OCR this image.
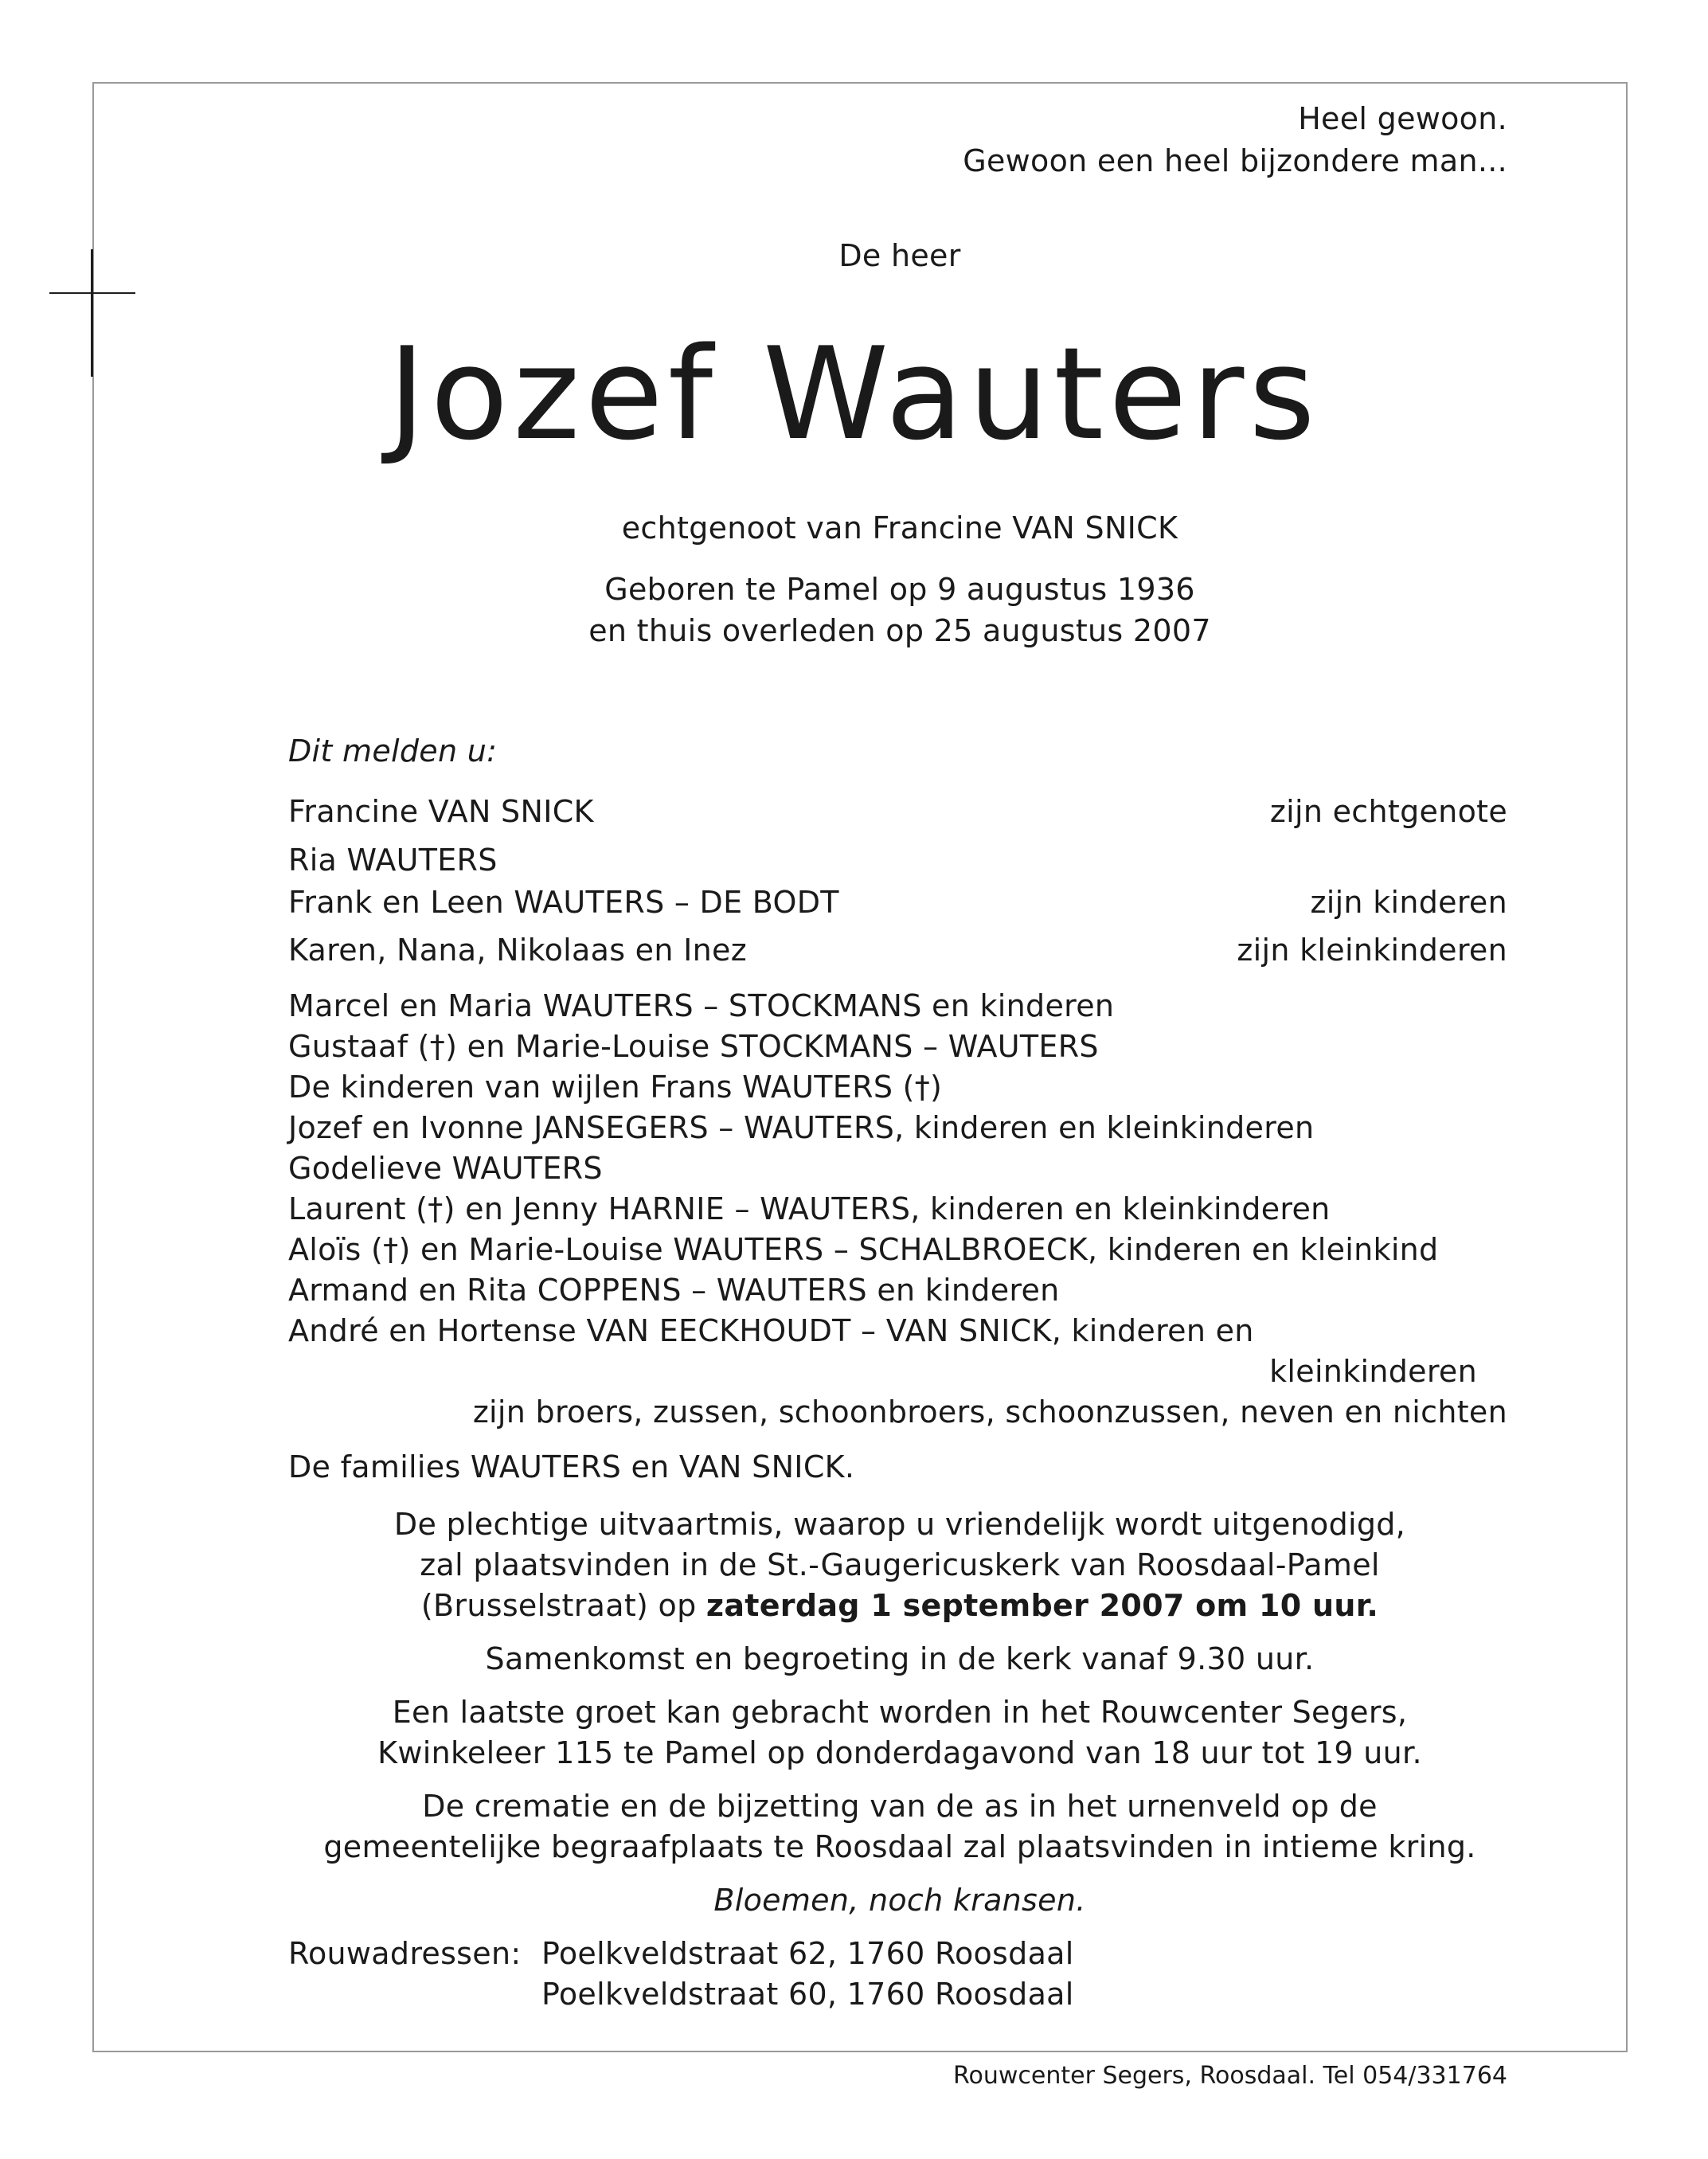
Heel gewoon.
Gewoon een heel bijzondere man...
De heer
Jozef Wauters
echtgenoot van Francine VAN SNICK
Geboren te Pamel op 9 augustus 1936
en thuis overleden op 25 augustus 2007
Dit melden u:
Francine VAN SNICK	zijn echtgenote
Ria WAUTERS
Frank en Leen WAUTERS – DE BODT	zijn kinderen
Karen, Nana, Nikolaas en Inez	zijn kleinkinderen
Marcel en Maria WAUTERS – STOCKMANS en kinderen
Gustaaf (†) en Marie-Louise STOCKMANS – WAUTERS
De kinderen van wijlen Frans WAUTERS (†)
Jozef en Ivonne JANSEGERS – WAUTERS, kinderen en kleinkinderen
Godelieve WAUTERS
Laurent (†) en Jenny HARNIE – WAUTERS, kinderen en kleinkinderen
Aloïs (†) en Marie-Louise WAUTERS – SCHALBROECK, kinderen en kleinkind
Armand en Rita COPPENS – WAUTERS en kinderen
André en Hortense VAN EECKHOUDT – VAN SNICK, kinderen en
kleinkinderen
zijn broers, zussen, schoonbroers, schoonzussen, neven en nichten
De families WAUTERS en VAN SNICK.
De plechtige uitvaartmis, waarop u vriendelijk wordt uitgenodigd,
zal plaatsvinden in de St.-Gaugericuskerk van Roosdaal-Pamel
(Brusselstraat) op zaterdag 1 september 2007 om 10 uur.
Samenkomst en begroeting in de kerk vanaf 9.30 uur.
Een laatste groet kan gebracht worden in het Rouwcenter Segers,
Kwinkeleer 115 te Pamel op donderdagavond van 18 uur tot 19 uur.
De crematie en de bijzetting van de as in het urnenveld op de
gemeentelijke begraafplaats te Roosdaal zal plaatsvinden in intieme kring.
Bloemen, noch kransen.
Rouwadressen: Poelkveldstraat 62, 1760 Roosdaal
Poelkveldstraat 60, 1760 Roosdaal
Rouwcenter Segers, Roosdaal. Tel 054/331764
